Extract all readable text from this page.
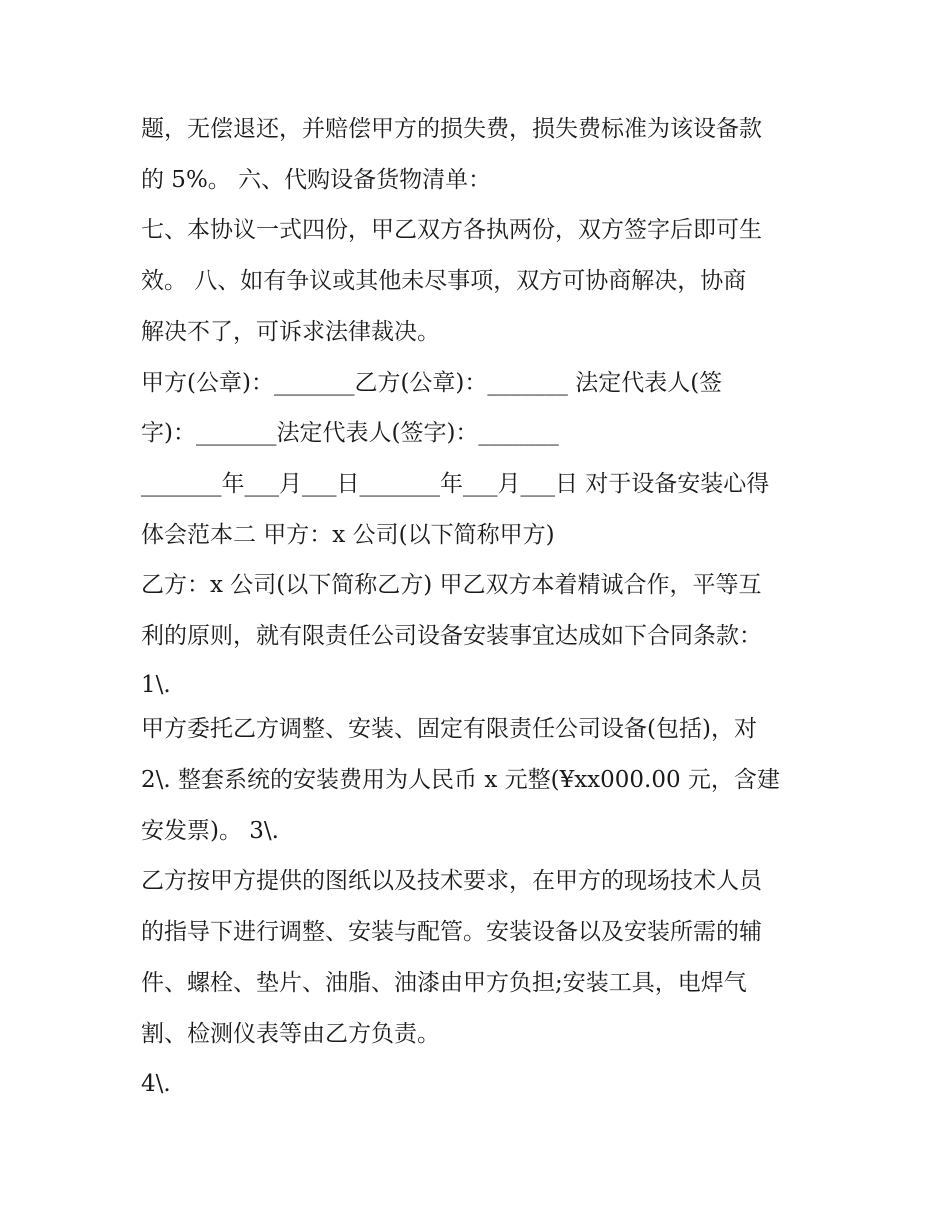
题，无偿退还，并赔偿甲方的损失费，损失费标准为该设备款
的 5%。 六、代购设备货物清单：
七、本协议一式四份，甲乙双方各执两份，双方签字后即可生
效。 八、如有争议或其他未尽事项，双方可协商解决，协商
解决不了，可诉求法律裁决。
甲方(公章)：_______乙方(公章)：_______ 法定代表人(签
字)：_______法定代表人(签字)：_______
_______年___月___日_______年___月___日 对于设备安装心得
体会范本二 甲方：x 公司(以下简称甲方)
乙方：x 公司(以下简称乙方) 甲乙双方本着精诚合作，平等互
利的原则，就有限责任公司设备安装事宜达成如下合同条款：
1\.
甲方委托乙方调整、安装、固定有限责任公司设备(包括)，对
2\. 整套系统的安装费用为人民币 x 元整(¥xx000.00 元，含建
安发票)。 3\.
乙方按甲方提供的图纸以及技术要求，在甲方的现场技术人员
的指导下进行调整、安装与配管。安装设备以及安装所需的辅
件、螺栓、垫片、油脂、油漆由甲方负担;安装工具，电焊气
割、检测仪表等由乙方负责。
4\.
